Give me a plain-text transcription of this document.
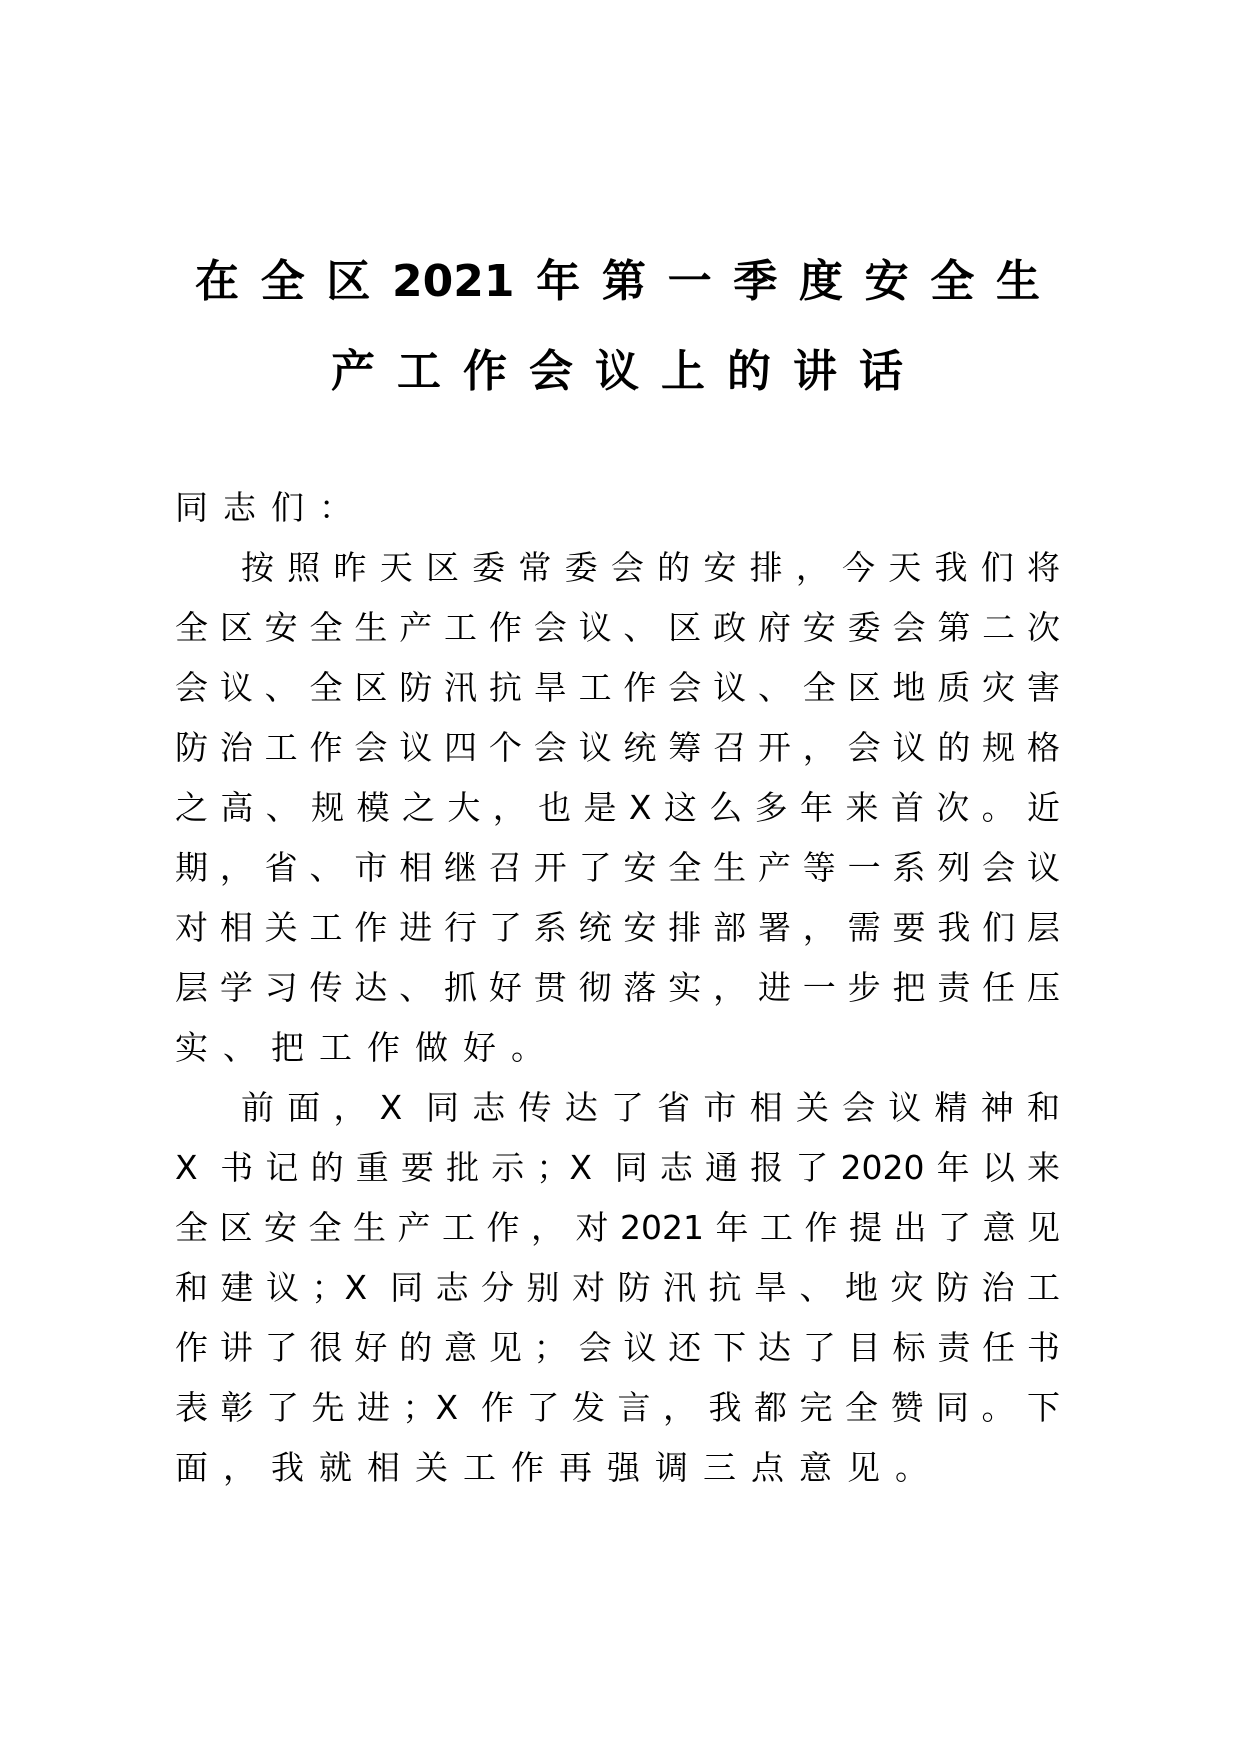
在全区2021年第一季度安全生
产工作会议上的讲话
同志们：
按照昨天区委常委会的安排，今天我们将
全区安全生产工作会议、区政府安委会第二次
会议、全区防汛抗旱工作会议、全区地质灾害
防治工作会议四个会议统筹召开，会议的规格
之高、规模之大，也是X这么多年来首次。近
期，省、市相继召开了安全生产等一系列会议
对相关工作进行了系统安排部署，需要我们层
层学习传达、抓好贯彻落实，进一步把责任压
实、把工作做好。
前面，X 同志传达了省市相关会议精神和
X 书记的重要批示；X 同志通报了2020年以来
全区安全生产工作，对2021年工作提出了意见
和建议；X 同志分别对防汛抗旱、地灾防治工
作讲了很好的意见；会议还下达了目标责任书
表彰了先进；X 作了发言，我都完全赞同。下
面，我就相关工作再强调三点意见。
